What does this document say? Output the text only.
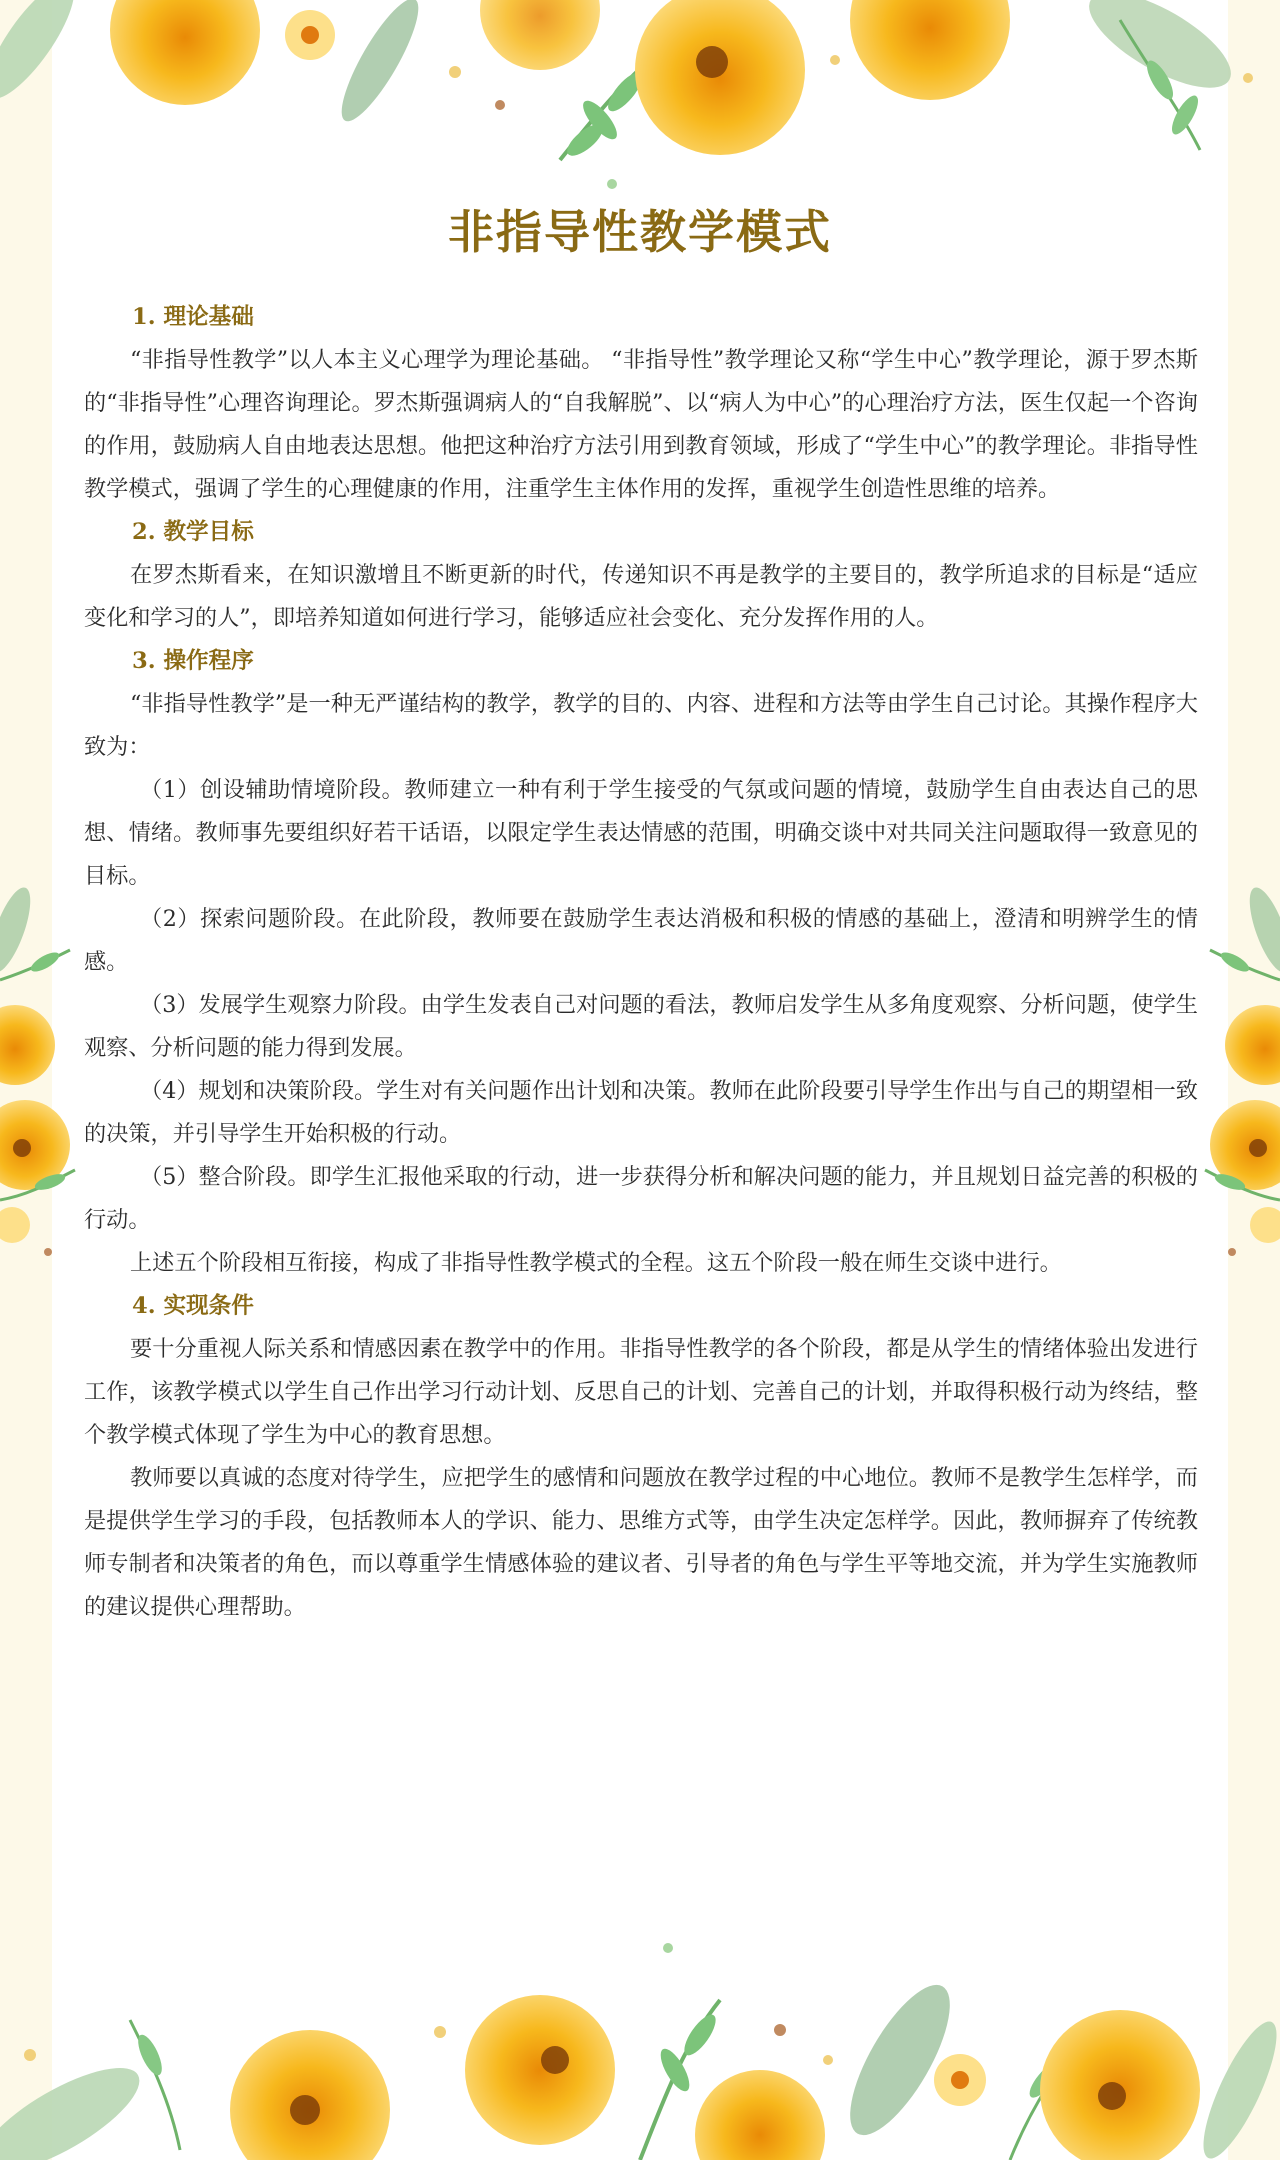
非指导性教学模式
1. 理论基础

“非指导性教学”以人本主义心理学为理论基础。 “非指导性”教学理论又称“学生中心”教学理论，源于罗杰斯的“非指导性”心理咨询理论。罗杰斯强调病人的“自我解脱”、以“病人为中心”的心理治疗方法，医生仅起一个咨询的作用，鼓励病人自由地表达思想。他把这种治疗方法引用到教育领域，形成了“学生中心”的教学理论。非指导性教学模式，强调了学生的心理健康的作用，注重学生主体作用的发挥，重视学生创造性思维的培养。

2. 教学目标

在罗杰斯看来，在知识激增且不断更新的时代，传递知识不再是教学的主要目的，教学所追求的目标是“适应变化和学习的人”，即培养知道如何进行学习，能够适应社会变化、充分发挥作用的人。

3. 操作程序

“非指导性教学”是一种无严谨结构的教学，教学的目的、内容、进程和方法等由学生自己讨论。其操作程序大致为：

（1）创设辅助情境阶段。教师建立一种有利于学生接受的气氛或问题的情境，鼓励学生自由表达自己的思想、情绪。教师事先要组织好若干话语，以限定学生表达情感的范围，明确交谈中对共同关注问题取得一致意见的目标。

（2）探索问题阶段。在此阶段，教师要在鼓励学生表达消极和积极的情感的基础上，澄清和明辨学生的情感。

（3）发展学生观察力阶段。由学生发表自己对问题的看法，教师启发学生从多角度观察、分析问题，使学生观察、分析问题的能力得到发展。

（4）规划和决策阶段。学生对有关问题作出计划和决策。教师在此阶段要引导学生作出与自己的期望相一致的决策，并引导学生开始积极的行动。

（5）整合阶段。即学生汇报他采取的行动，进一步获得分析和解决问题的能力，并且规划日益完善的积极的行动。

上述五个阶段相互衔接，构成了非指导性教学模式的全程。这五个阶段一般在师生交谈中进行。

4. 实现条件

要十分重视人际关系和情感因素在教学中的作用。非指导性教学的各个阶段，都是从学生的情绪体验出发进行工作，该教学模式以学生自己作出学习行动计划、反思自己的计划、完善自己的计划，并取得积极行动为终结，整个教学模式体现了学生为中心的教育思想。

教师要以真诚的态度对待学生，应把学生的感情和问题放在教学过程的中心地位。教师不是教学生怎样学，而是提供学生学习的手段，包括教师本人的学识、能力、思维方式等，由学生决定怎样学。因此，教师摒弃了传统教师专制者和决策者的角色，而以尊重学生情感体验的建议者、引导者的角色与学生平等地交流，并为学生实施教师的建议提供心理帮助。
